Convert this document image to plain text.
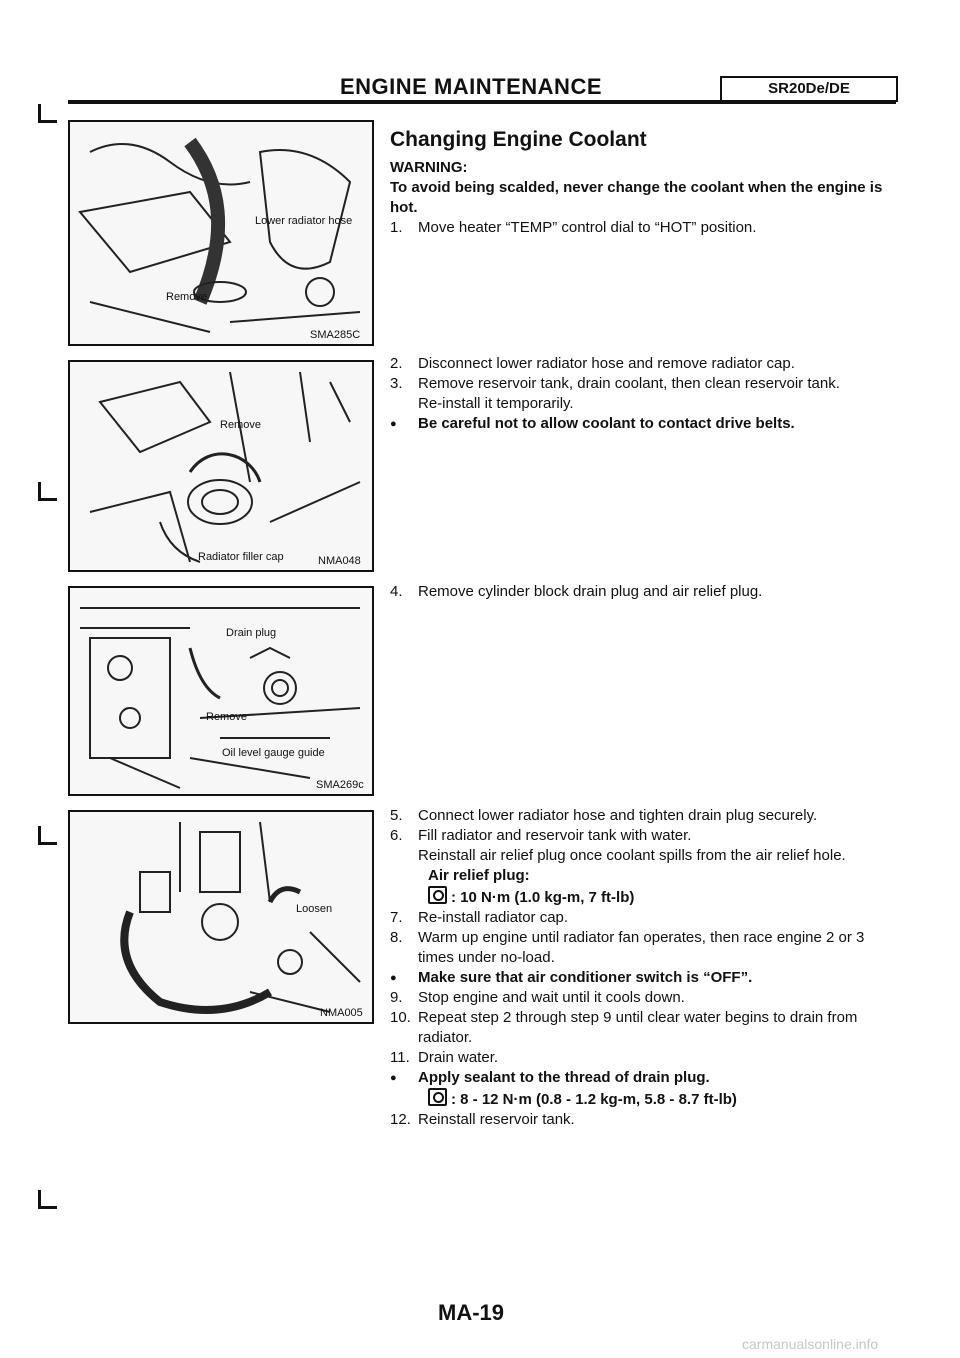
ENGINE MAINTENANCE	SR20De/DE
Lower radiator hose
Remove
SMA285C
Remove
Radiator filler cap	NMA048
Drain plug
Remove
Oil level gauge guide
SMA269c
Loosen
NMA005
Changing Engine Coolant
WARNING:
To avoid being scalded, never change the coolant when the engine is hot.
1.	Move heater “TEMP” control dial to “HOT” position.
2.	Disconnect lower radiator hose and remove radiator cap.
3.	Remove reservoir tank, drain coolant, then clean reservoir tank.
Re-install it temporarily.
● Be careful not to allow coolant to contact drive belts.
4.	Remove cylinder block drain plug and air relief plug.
5.	Connect lower radiator hose and tighten drain plug securely.
6.	Fill radiator and reservoir tank with water.
Reinstall air relief plug once coolant spills from the air relief hole.
Air relief plug:
: 10 N·m (1.0 kg-m, 7 ft-lb)
7.	Re-install radiator cap.
8.	Warm up engine until radiator fan operates, then race engine 2 or 3 times under no-load.
● Make sure that air conditioner switch is “OFF”.
9.	Stop engine and wait until it cools down.
10. Repeat step 2 through step 9 until clear water begins to drain from radiator.
11. Drain water.
● Apply sealant to the thread of drain plug.
: 8 - 12 N·m (0.8 - 1.2 kg-m, 5.8 - 8.7 ft-lb)
12. Reinstall reservoir tank.
MA-19
carmanualsonline.info
